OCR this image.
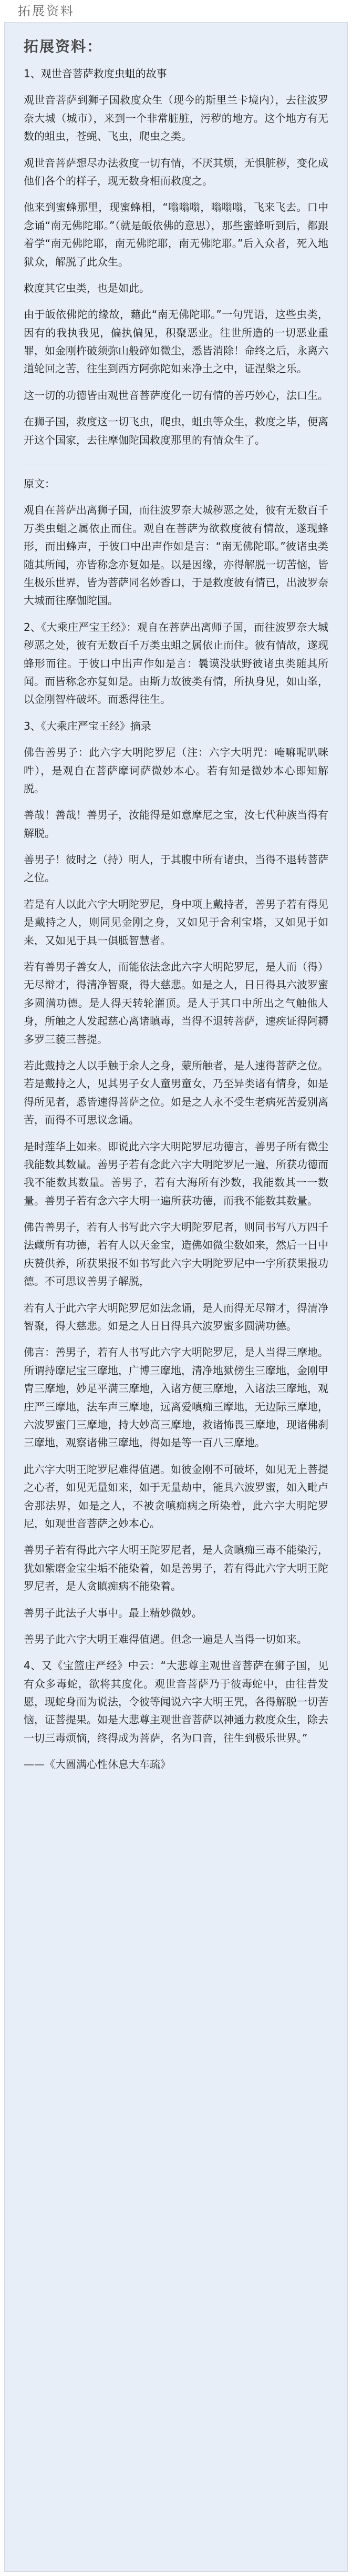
拓展资料
拓展资料：
1、观世音菩萨救度虫蛆的故事
观世音菩萨到狮子国救度众生（现今的斯里兰卡境内），去往波罗奈大城（城市），来到一个非常脏脏，污秽的地方。这个地方有无数的蛆虫，苍蝇、飞虫，爬虫之类。
观世音菩萨想尽办法救度一切有情，不厌其烦，无惧脏秽，变化成他们各个的样子，现无数身相而救度之。
他来到蜜蜂那里，现蜜蜂相，“嗡嗡嗡，嗡嗡嗡，飞来飞去。口中念诵“南无佛陀耶。”（就是皈依佛的意思），那些蜜蜂听到后，都跟着学“南无佛陀耶，南无佛陀耶，南无佛陀耶。”后入众者，死入地狱众，解脱了此众生。
救度其它虫类，也是如此。
由于皈依佛陀的缘故，藉此“南无佛陀耶。”一句咒语，这些虫类，因有的我执我见，偏执偏见，积聚恶业。往世所造的一切恶业重罪，如金刚杵破须弥山般碎如微尘，悉皆消除！命终之后，永离六道轮回之苦，往生到西方阿弥陀如来净土之中，证涅槃之乐。
这一切的功德皆由观世音菩萨度化一切有情的善巧妙心，法口生。
在狮子国，救度这一切飞虫，爬虫，蛆虫等众生，救度之毕，便离开这个国家，去往摩伽陀国救度那里的有情众生了。
原文：
观自在菩萨出离狮子国，而往波罗奈大城秽恶之处，彼有无数百千万类虫蛆之属依止而住。观自在菩萨为欲救度彼有情故，遂现蜂形，而出蜂声，于彼口中出声作如是言：“南无佛陀耶。”彼诸虫类随其所闻，亦皆称念亦复如是。以是因缘，亦得解脱一切苦恼，皆生极乐世界，皆为菩萨同名妙香口，于是救度彼有情已，出波罗奈大城而往摩伽陀国。
2、《大乘庄严宝王经》：观自在菩萨出离师子国，而往波罗奈大城秽恶之处，彼有无数百千万类虫蛆之属依止而住。彼有情故，遂现蜂形而往。于彼口中出声作如是言：曩谟没驮野彼诸虫类随其所闻。而皆称念亦复如是。由斯力故彼类有情，所执身见，如山峯，以金刚智杵破坏。而悉得往生。
3、《大乘庄严宝王经》摘录
佛告善男子：此六字大明陀罗尼（注：六字大明咒：唵嘛呢叭咪吽），是观自在菩萨摩诃萨微妙本心。若有知是微妙本心即知解脱。
善哉！善哉！善男子，汝能得是如意摩尼之宝，汝七代种族当得有解脱。
善男子！彼时之（持）明人，于其腹中所有诸虫，当得不退转菩萨之位。
若是有人以此六字大明陀罗尼，身中项上戴持者，善男子若有得见是戴持之人，则同见金刚之身，又如见于舍利宝塔，又如见于如来，又如见于具一俱胝智慧者。
若有善男子善女人，而能依法念此六字大明陀罗尼，是人而（得）无尽辩才，得清净智聚，得大慈悲。如是之人，日日得具六波罗蜜多圆满功德。是人得天转轮灌顶。是人于其口中所出之气触他人身，所触之人发起慈心离诸瞋毒，当得不退转菩萨，速疾证得阿耨多罗三藐三菩提。
若此戴持之人以手触于余人之身，蒙所触者，是人速得菩萨之位。若是戴持之人，见其男子女人童男童女，乃至异类诸有情身，如是得所见者，悉皆速得菩萨之位。如是之人永不受生老病死苦爱别离苦，而得不可思议念诵。
是时莲华上如来。即说此六字大明陀罗尼功德言，善男子所有微尘我能数其数量。善男子若有念此六字大明陀罗尼一遍，所获功德而我不能数其数量。善男子，若有大海所有沙数，我能数其一一数量。善男子若有念六字大明一遍所获功德，而我不能数其数量。
佛告善男子，若有人书写此六字大明陀罗尼者，则同书写八万四千法藏所有功德，若有人以天金宝，造佛如微尘数如来，然后一日中庆赞供养，所获果报不如书写此六字大明陀罗尼中一字所获果报功德。不可思议善男子解脱，
若有人于此六字大明陀罗尼如法念诵，是人而得无尽辩才，得清净智聚，得大慈悲。如是之人日日得具六波罗蜜多圆满功德。
佛言：善男子，若有人书写此六字大明陀罗尼，是人当得三摩地。所谓持摩尼宝三摩地，广博三摩地，清净地狱傍生三摩地，金刚甲胄三摩地，妙足平满三摩地，入诸方便三摩地，入诸法三摩地，观庄严三摩地，法车声三摩地，远离爱嗔痴三摩地，无边际三摩地，六波罗蜜门三摩地，持大妙高三摩地，救诸怖畏三摩地，现诸佛刹三摩地，观察诸佛三摩地，得如是等一百八三摩地。
此六字大明王陀罗尼难得值遇。如彼金刚不可破坏，如见无上菩提之心者，如见无量如来，如于无量劫中，能具六波罗蜜，如入毗卢舍那法界，如是之人，不被贪嗔痴病之所染着，此六字大明陀罗尼，如观世音菩萨之妙本心。
善男子若有得此六字大明王陀罗尼者，是人贪瞋痴三毒不能染污，犹如紫磨金宝尘垢不能染着，如是善男子，若有得此六字大明王陀罗尼者，是人贪瞋痴病不能染着。
善男子此法子大事中。最上精妙微妙。
善男子此六字大明王难得值遇。但念一遍是人当得一切如来。
4、又《宝篮庄严经》中云：“大悲尊主观世音菩萨在狮子国，见有众多毒蛇，欲将其度化。观世音菩萨乃于彼毒蛇中，由往昔发愿，现蛇身而为说法，令彼等闻说六字大明王咒，各得解脱一切苦恼，证菩提果。如是大悲尊主观世音菩萨以神通力救度众生，除去一切三毒烦恼，终得成为菩萨，名为口音，往生到极乐世界。”
——《大圆满心性休息大车疏》
